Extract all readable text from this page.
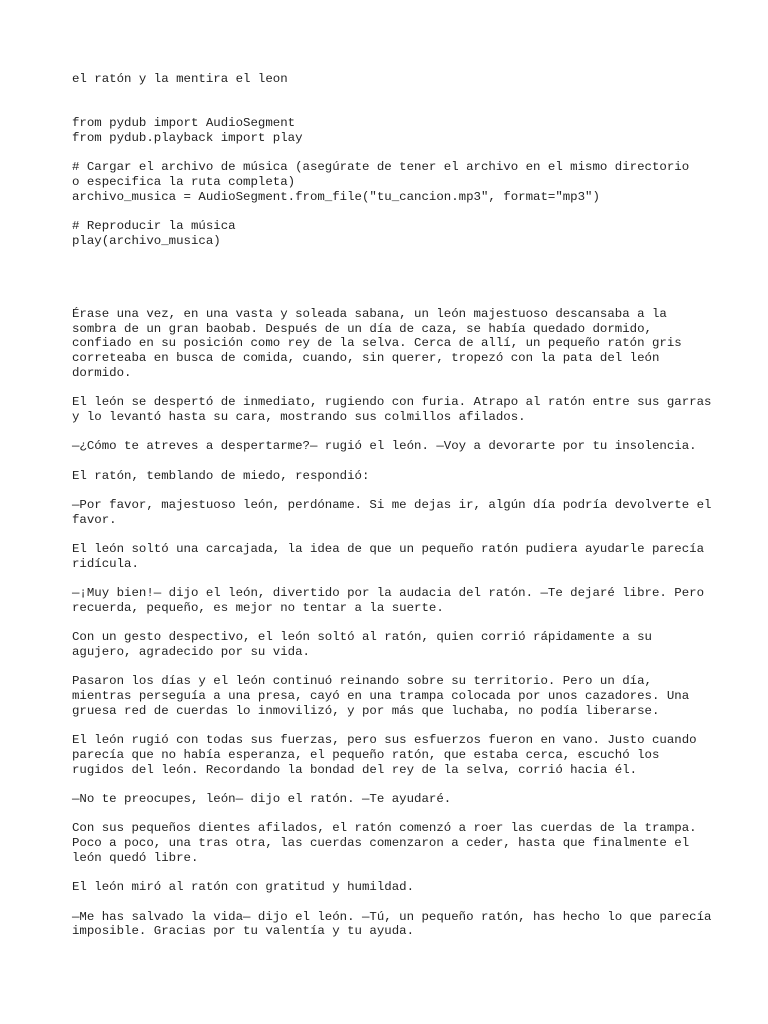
el ratón y la mentira el leon
from pydub import AudioSegment
from pydub.playback import play
# Cargar el archivo de música (asegúrate de tener el archivo en el mismo directorio
o especifica la ruta completa)
archivo_musica = AudioSegment.from_file("tu_cancion.mp3", format="mp3")
# Reproducir la música
play(archivo_musica)

Érase una vez, en una vasta y soleada sabana, un león majestuoso descansaba a la sombra de un gran baobab. Después de un día de caza, se había quedado dormido, confiado en su posición como rey de la selva. Cerca de allí, un pequeño ratón gris correteaba en busca de comida, cuando, sin querer, tropezó con la pata del león dormido.

El león se despertó de inmediato, rugiendo con furia. Atrapo al ratón entre sus garras y lo levantó hasta su cara, mostrando sus colmillos afilados.

—¿Cómo te atreves a despertarme?— rugió el león. —Voy a devorarte por tu insolencia.

El ratón, temblando de miedo, respondió:

—Por favor, majestuoso león, perdóname. Si me dejas ir, algún día podría devolverte el favor.

El león soltó una carcajada, la idea de que un pequeño ratón pudiera ayudarle parecía ridícula.

—¡Muy bien!— dijo el león, divertido por la audacia del ratón. —Te dejaré libre. Pero recuerda, pequeño, es mejor no tentar a la suerte.

Con un gesto despectivo, el león soltó al ratón, quien corrió rápidamente a su agujero, agradecido por su vida.

Pasaron los días y el león continuó reinando sobre su territorio. Pero un día, mientras perseguía a una presa, cayó en una trampa colocada por unos cazadores. Una gruesa red de cuerdas lo inmovilizó, y por más que luchaba, no podía liberarse.

El león rugió con todas sus fuerzas, pero sus esfuerzos fueron en vano. Justo cuando parecía que no había esperanza, el pequeño ratón, que estaba cerca, escuchó los rugidos del león. Recordando la bondad del rey de la selva, corrió hacia él.

—No te preocupes, león— dijo el ratón. —Te ayudaré.

Con sus pequeños dientes afilados, el ratón comenzó a roer las cuerdas de la trampa. Poco a poco, una tras otra, las cuerdas comenzaron a ceder, hasta que finalmente el león quedó libre.

El león miró al ratón con gratitud y humildad.

—Me has salvado la vida— dijo el león. —Tú, un pequeño ratón, has hecho lo que parecía imposible. Gracias por tu valentía y tu ayuda.
